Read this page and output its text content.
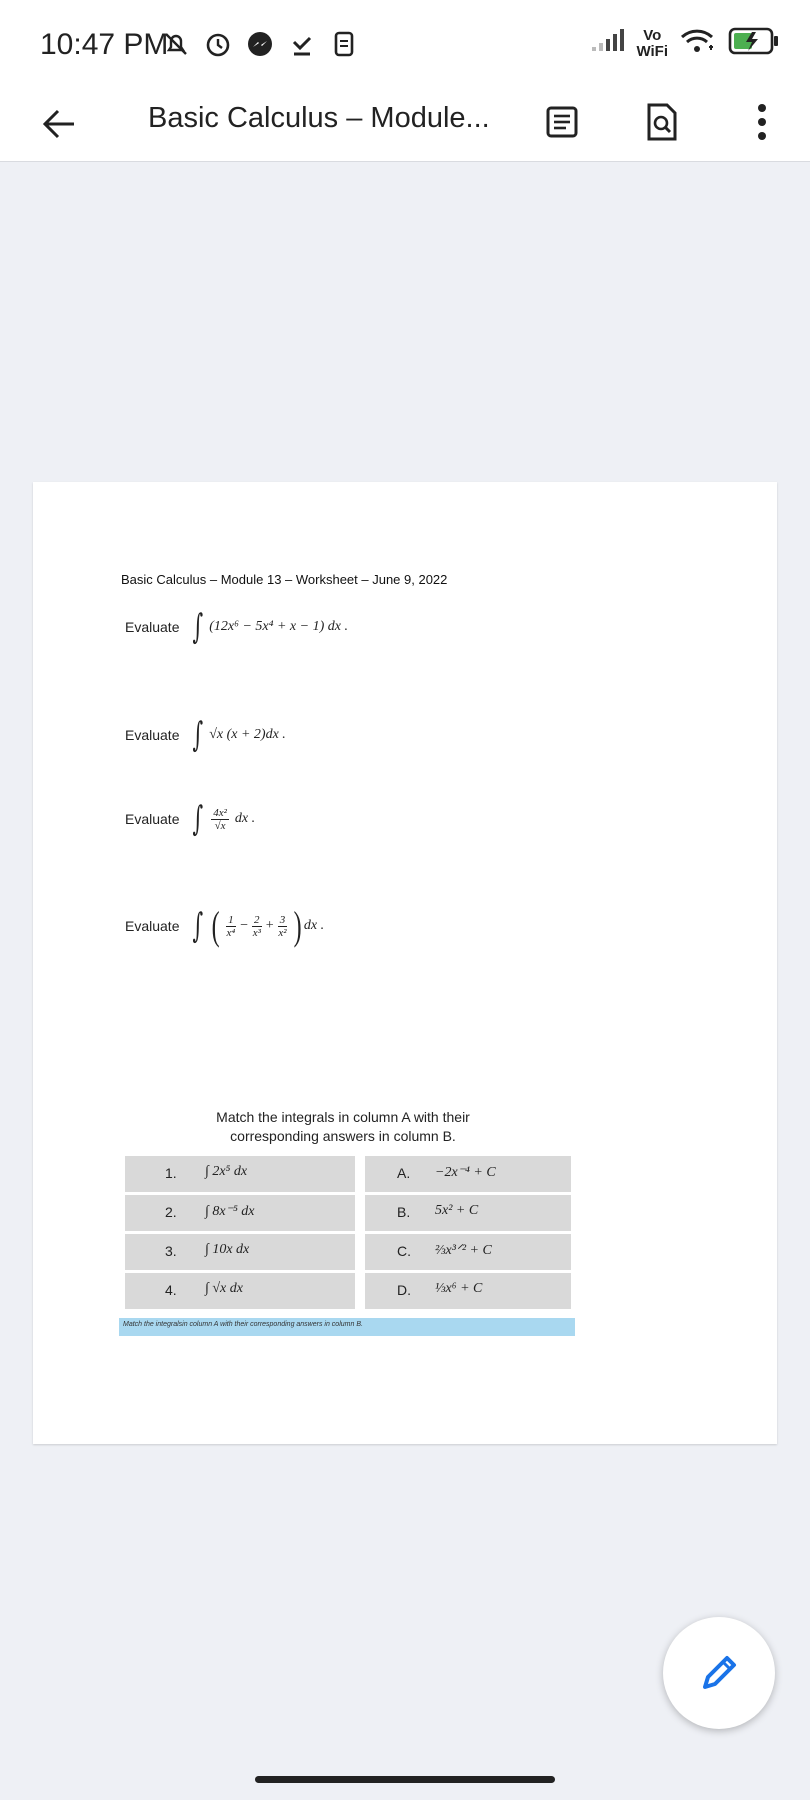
10:47 PM	Vo
WiFi
Basic Calculus – Module...
Basic Calculus – Module 13 – Worksheet – June 9, 2022
Evaluate ∫ (12x⁶ − 5x⁴ + x − 1) dx .
Evaluate ∫ √x (x + 2)dx .
Evaluate ∫ $\frac{\text{4x²}}{√x}$ dx .
Evaluate ∫ ( $\frac{1}{\text{x⁴}} - \frac{2}{\text{x³}} + \frac{3}{\text{x²}}$ ) dx .
Match the integrals in column A with their
corresponding answers in column B.
1. ∫ 2x⁵ dx	A. −2x⁻⁴ + C
2. ∫ 8x⁻⁵ dx	B. 5x² + C
3. ∫ 10x dx	C. ⅔x³ᐟ² + C
4. ∫ √x dx	D. ⅓x⁶ + C
Match the integralsin column A with their corresponding answers in column B.
